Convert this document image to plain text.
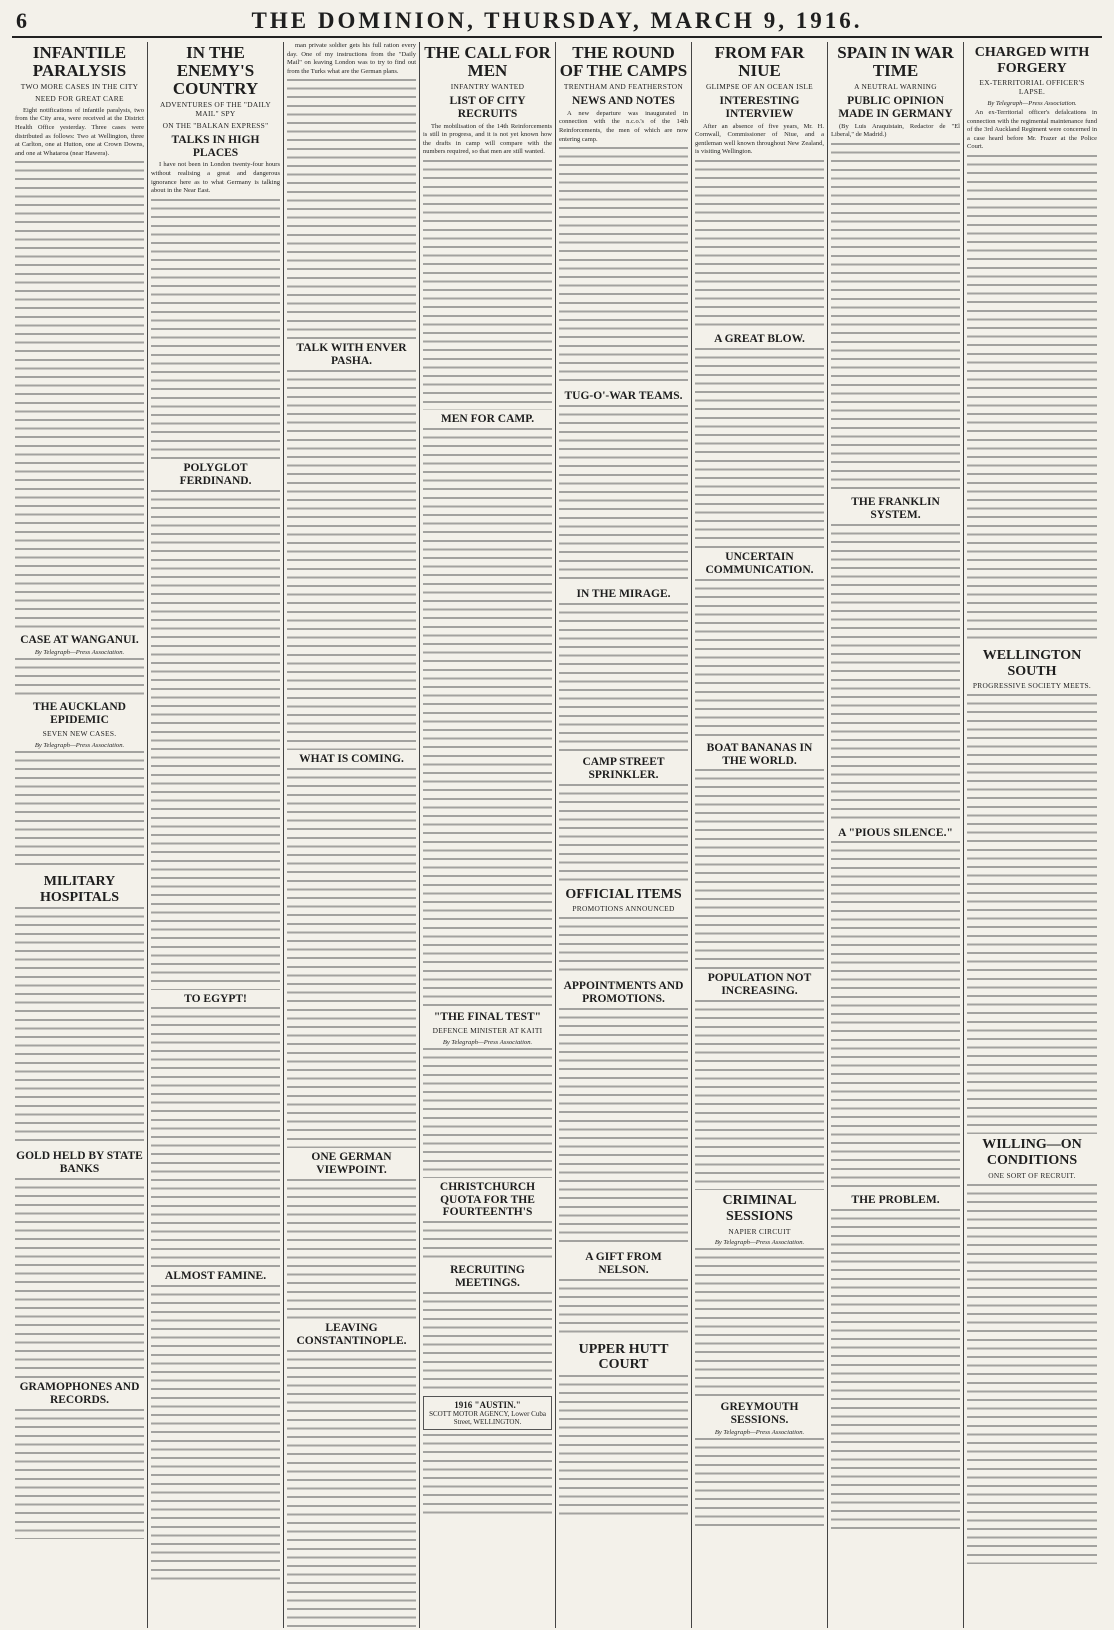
6	THE DOMINION, THURSDAY, MARCH 9, 1916.
INFANTILE PARALYSIS
TWO MORE CASES IN THE CITY
NEED FOR GREAT CARE

Eight notifications of infantile paralysis, two from the City area, were received at the District Health Office yesterday. Three cases were distributed as follows: Two at Wellington, three at Carlton, one at Hutton, one at Crown Downs, and one at Whataroa (near Hawera).

CASE AT WANGANUI.
By Telegraph—Press Association.
THE AUCKLAND EPIDEMIC
SEVEN NEW CASES.
By Telegraph—Press Association.
MILITARY HOSPITALS
GOLD HELD BY STATE BANKS
GRAMOPHONES AND RECORDS.
IN THE ENEMY'S COUNTRY
ADVENTURES OF THE "DAILY MAIL" SPY
ON THE "BALKAN EXPRESS"
TALKS IN HIGH PLACES

I have not been in London twenty-four hours without realising a great and dangerous ignorance here as to what Germany is talking about in the Near East.

POLYGLOT FERDINAND.
TO EGYPT!
ALMOST FAMINE.

man private soldier gets his full ration every day. One of my instructions from the "Daily Mail" on leaving London was to try to find out from the Turks what are the German plans.

TALK WITH ENVER PASHA.
WHAT IS COMING.
ONE GERMAN VIEWPOINT.
LEAVING CONSTANTINOPLE.
THE CALL FOR MEN
INFANTRY WANTED
LIST OF CITY RECRUITS

The mobilisation of the 14th Reinforcements is still in progress, and it is not yet known how the drafts in camp will compare with the numbers required, so that men are still wanted.

MEN FOR CAMP.
"THE FINAL TEST"
DEFENCE MINISTER AT KAITI
By Telegraph—Press Association.
CHRISTCHURCH QUOTA FOR THE FOURTEENTH'S
RECRUITING MEETINGS.
1916 "AUSTIN."
SCOTT MOTOR AGENCY, Lower Cuba Street, WELLINGTON.
THE ROUND OF THE CAMPS
TRENTHAM AND FEATHERSTON
NEWS AND NOTES

A new departure was inaugurated in connection with the n.c.o.'s of the 14th Reinforcements, the men of which are now entering camp.

TUG-O'-WAR TEAMS.
IN THE MIRAGE.
CAMP STREET SPRINKLER.
OFFICIAL ITEMS
PROMOTIONS ANNOUNCED
APPOINTMENTS AND PROMOTIONS.
A GIFT FROM NELSON.
UPPER HUTT COURT
FROM FAR NIUE
GLIMPSE OF AN OCEAN ISLE
INTERESTING INTERVIEW

After an absence of five years, Mr. H. Cornwall, Commissioner of Niue, and a gentleman well known throughout New Zealand, is visiting Wellington.

A GREAT BLOW.
UNCERTAIN COMMUNICATION.
BOAT BANANAS IN THE WORLD.
POPULATION NOT INCREASING.
CRIMINAL SESSIONS
NAPIER CIRCUIT
By Telegraph—Press Association.
GREYMOUTH SESSIONS.
By Telegraph—Press Association.
SPAIN IN WAR TIME
A NEUTRAL WARNING
PUBLIC OPINION MADE IN GERMANY

(By Luis Araquistain, Redactor de "El Liberal," de Madrid.)

THE FRANKLIN SYSTEM.
A "PIOUS SILENCE."
THE PROBLEM.
CHARGED WITH FORGERY
EX-TERRITORIAL OFFICER'S LAPSE.
By Telegraph—Press Association.

An ex-Territorial officer's defalcations in connection with the regimental maintenance fund of the 3rd Auckland Regiment were concerned in a case heard before Mr. Frazer at the Police Court.

WELLINGTON SOUTH
PROGRESSIVE SOCIETY MEETS.
WILLING—ON CONDITIONS
ONE SORT OF RECRUIT.
